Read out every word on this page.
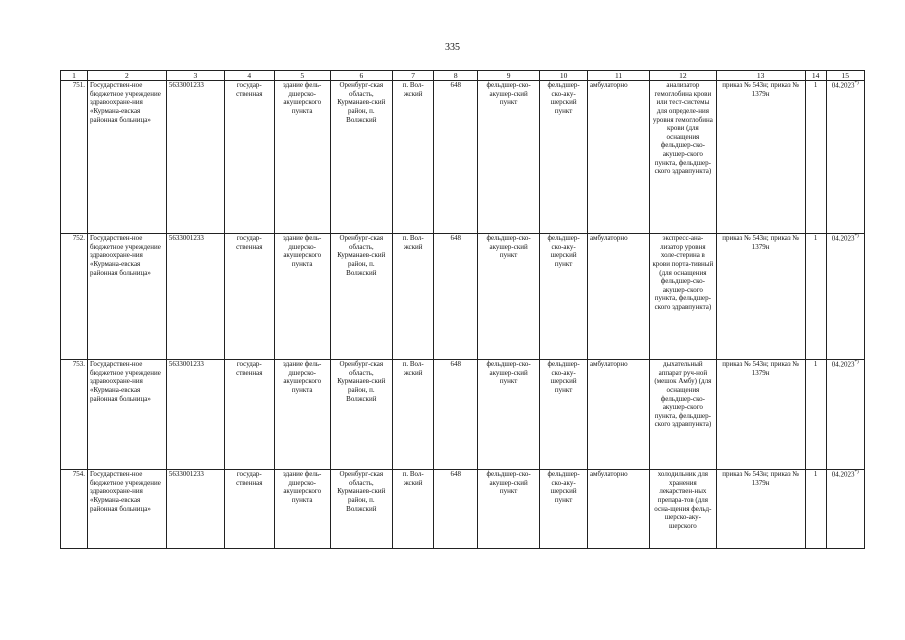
335
1	2	3	4	5	6	7	8	9	10	11	12	13	14	15
751.	Государствен-ное бюджетное учреждение здравоохране-ния «Курмана-евская районная больница»	5633001233	государ-ственная	здание фель-дшерско-акушерского пункта	Оренбург-ская область, Курманаев-ский район, п. Волжский	п. Вол-жский	648	фельдшер-ско-акушер-ский пункт	фельдшер-ско-аку-шерский пункт	амбулаторно	анализатор гемоглобина крови или тест-системы для определе-ния уровня гемоглобина крови (для оснащения фельдшер-ско-акушер-ского пункта, фельдшер-ского здравпункта)	приказ № 543н; приказ № 1379н	1	04.2023*)
752.	Государствен-ное бюджетное учреждение здравоохране-ния «Курмана-евская районная больница»	5633001233	государ-ственная	здание фель-дшерско-акушерского пункта	Оренбург-ская область, Курманаев-ский район, п. Волжский	п. Вол-жский	648	фельдшер-ско-акушер-ский пункт	фельдшер-ско-аку-шерский пункт	амбулаторно	экспресс-ана-лизатор уровня холе-стерина в крови порта-тивный (для оснащения фельдшер-ско-акушер-ского пункта, фельдшер-ского здравпункта)	приказ № 543н; приказ № 1379н	1	04.2023*)
753.	Государствен-ное бюджетное учреждение здравоохране-ния «Курмана-евская районная больница»	5633001233	государ-ственная	здание фель-дшерско-акушерского пункта	Оренбург-ская область, Курманаев-ский район, п. Волжский	п. Вол-жский	648	фельдшер-ско-акушер-ский пункт	фельдшер-ско-аку-шерский пункт	амбулаторно	дыхательный аппарат руч-ной (мешок Амбу) (для оснащения фельдшер-ско-акушер-ского пункта, фельдшер-ского здравпункта)	приказ № 543н; приказ № 1379н	1	04.2023*)
754.	Государствен-ное бюджетное учреждение здравоохране-ния «Курмана-евская районная больница»	5633001233	государ-ственная	здание фель-дшерско-акушерского пункта	Оренбург-ская область, Курманаев-ский район, п. Волжский	п. Вол-жский	648	фельдшер-ско-акушер-ский пункт	фельдшер-ско-аку-шерский пункт	амбулаторно	холодильник для хранения лекарствен-ных препара-тов (для осна-щения фельд-шерско-аку-шерского	приказ № 543н; приказ № 1379н	1	04.2023*)
